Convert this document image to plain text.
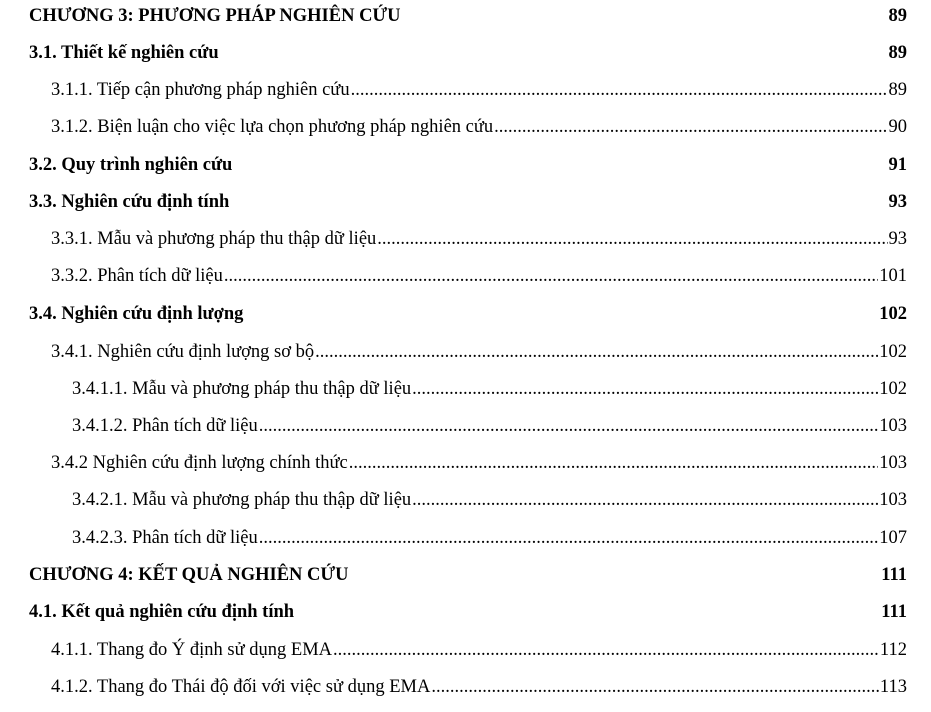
CHƯƠNG 3: PHƯƠNG PHÁP NGHIÊN CỨU	89
3.1. Thiết kế nghiên cứu	89
3.1.1. Tiếp cận phương pháp nghiên cứu .....	89
3.1.2. Biện luận cho việc lựa chọn phương pháp nghiên cứu .....	90
3.2. Quy trình nghiên cứu	91
3.3. Nghiên cứu định tính	93
3.3.1. Mẫu và phương pháp thu thập dữ liệu .....	93
3.3.2. Phân tích dữ liệu .....	101
3.4. Nghiên cứu định lượng	102
3.4.1. Nghiên cứu định lượng sơ bộ .....	102
3.4.1.1. Mẫu và phương pháp thu thập dữ liệu .....	102
3.4.1.2. Phân tích dữ liệu .....	103
3.4.2 Nghiên cứu định lượng chính thức .....	103
3.4.2.1. Mẫu và phương pháp thu thập dữ liệu .....	103
3.4.2.3. Phân tích dữ liệu .....	107
CHƯƠNG 4: KẾT QUẢ NGHIÊN CỨU	111
4.1. Kết quả nghiên cứu định tính	111
4.1.1. Thang đo Ý định sử dụng EMA .....	112
4.1.2. Thang đo Thái độ đối với việc sử dụng EMA .....	113
